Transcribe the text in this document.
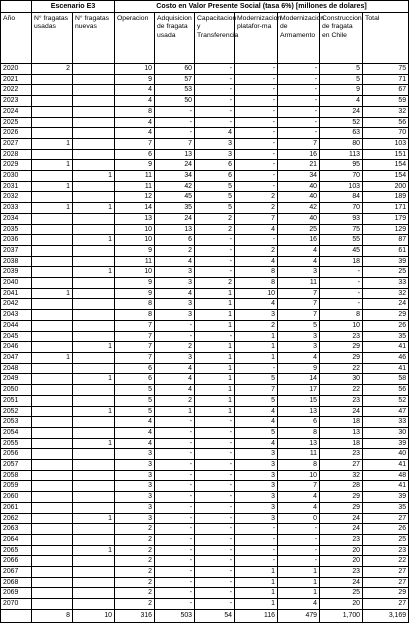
	Escenario E3		Costo en Valor Presente Social (tasa 6%) [millones de dolares]						
Año	N° fragatas usadas	N° fragatas nuevas	Operacion	Adquisicion de fragata usada	Capacitacion y Transferencia	Modernizacion platafor-ma	Modernizacion de Armamento	Construccion de fragata en Chile	Total
2020	2		10	60	-	-	-	5	75
2021			9	57	-	-	-	5	71
2022			4	53	-	-	-	9	67
2023			4	50	-	-	-	4	59
2024			8	-	-	-	-	24	32
2025			4	-	-	-	-	52	56
2026			4	-	4	-	-	63	70
2027	1		7	7	3	-	7	80	103
2028			6	13	3	-	16	113	151
2029	1		9	24	6	-	21	95	154
2030		1	11	34	6	-	34	70	154
2031	1		11	42	5	-	40	103	200
2032			12	45	5	2	40	84	189
2033	1	1	14	35	5	2	42	70	171
2034			13	24	2	7	40	93	179
2035			10	13	2	4	25	75	129
2036		1	10	6	-	-	16	55	87
2037			9	2	-	2	4	45	61
2038			11	4	-	4	4	18	39
2039		1	10	3	-	8	3	-	25
2040			9	3	2	8	11	-	33
2041	1		9	4	1	10	7	-	32
2042			8	3	1	4	7	-	24
2043			8	3	1	3	7	8	29
2044			7	-	1	2	5	10	26
2045			7	-	-	1	3	23	35
2046		1	7	2	1	1	3	29	41
2047	1		7	3	1	1	4	29	46
2048			6	4	1	-	9	22	41
2049		1	6	4	1	5	14	30	58
2050			5	4	1	7	17	22	56
2051			5	2	1	5	15	23	52
2052		1	5	1	1	4	13	24	47
2053			4	-	-	4	6	18	33
2054			4	-	-	5	8	13	30
2055		1	4	-	-	4	13	18	39
2056			3	-	-	3	11	23	40
2057			3	-	-	3	8	27	41
2058			3	-	-	3	10	32	48
2059			3	-	-	3	7	28	41
2060			3	-	-	3	4	29	39
2061			3	-	-	3	4	29	35
2062		1	3	-	-	3	0	24	27
2063			2	-	-	-	-	24	26
2064			2	-	-	-	-	23	25
2065		1	2	-	-	-	-	20	23
2066			2	-	-	-	-	20	22
2067			2	-	-	1	1	23	27
2068			2	-	-	1	1	24	27
2069			2	-	-	1	1	25	29
2070			2	-	-	1	4	20	27
	8	10	316	503	54	116	479	1,700	3,169
